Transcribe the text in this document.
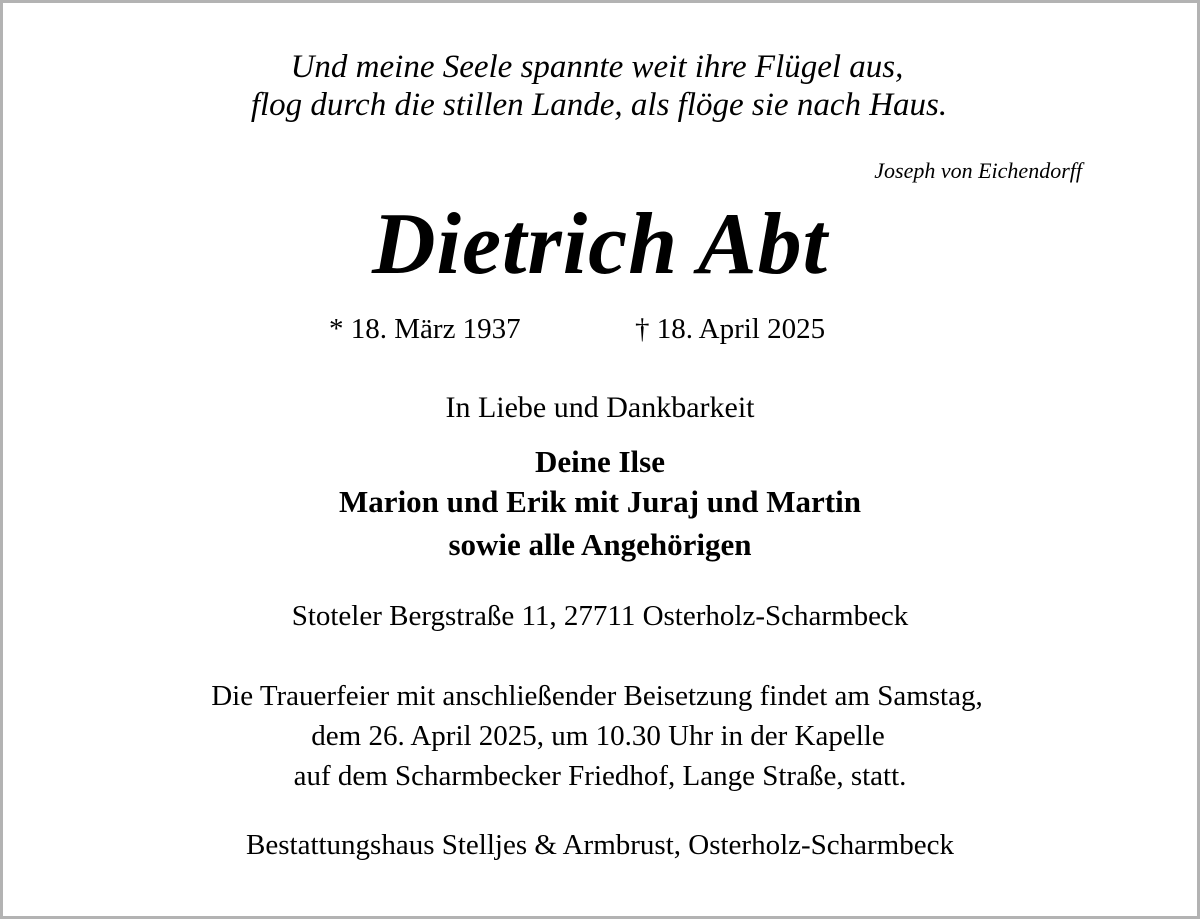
Und meine Seele spannte weit ihre Flügel aus,

flog durch die stillen Lande, als flöge sie nach Haus.

Joseph von Eichendorff

Dietrich Abt
* 18. März 1937	† 18. April 2025

In Liebe und Dankbarkeit

Deine Ilse

Marion und Erik mit Juraj und Martin

sowie alle Angehörigen

Stoteler Bergstraße 11, 27711 Osterholz-Scharmbeck

Die Trauerfeier mit anschließender Beisetzung findet am Samstag,

dem 26. April 2025, um 10.30 Uhr in der Kapelle

auf dem Scharmbecker Friedhof, Lange Straße, statt.

Bestattungshaus Stelljes & Armbrust, Osterholz-Scharmbeck
